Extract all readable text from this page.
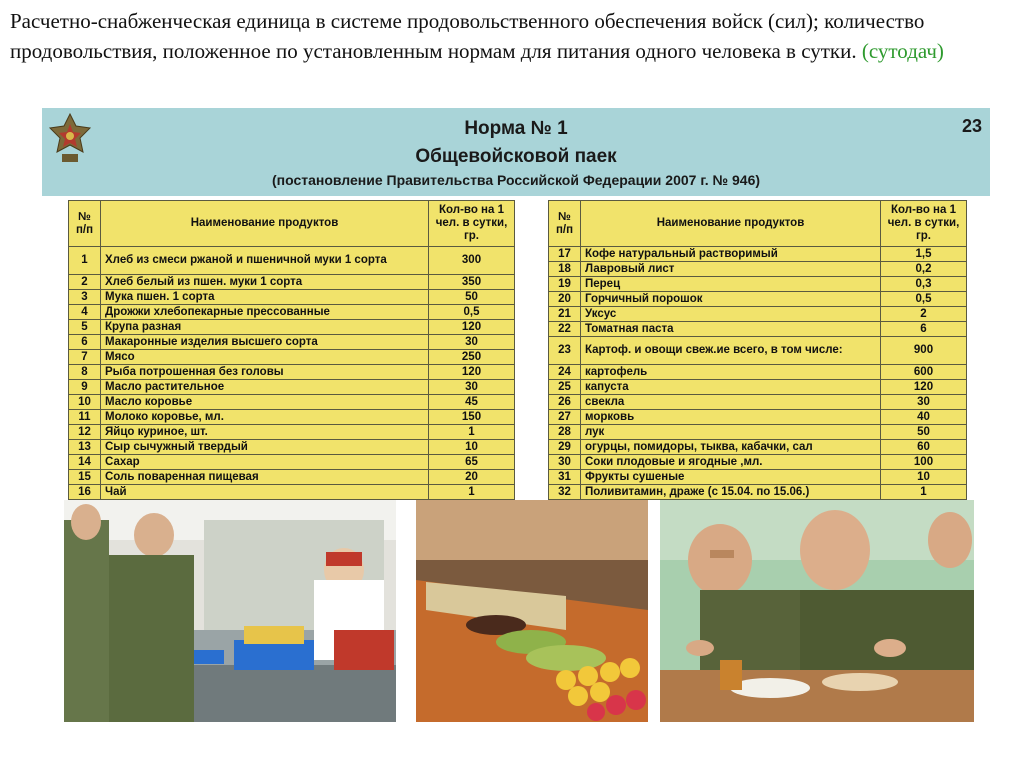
Расчетно-снабженческая единица в системе продовольственного обеспечения войск (сил); количество продовольствия, положенное по установленным нормам для питания одного человека в сутки. (сутодач)
Норма № 1
Общевойсковой паек
(постановление Правительства Российской Федерации 2007 г. № 946)
23
№ п/п	Наименование продуктов	Кол-во на 1 чел. в сутки, гр.
1	Хлеб из смеси ржаной и пшеничной муки 1 сорта	300
2	Хлеб белый из пшен. муки 1 сорта	350
3	Мука пшен. 1 сорта	50
4	Дрожжи хлебопекарные прессованные	0,5
5	Крупа разная	120
6	Макаронные изделия высшего сорта	30
7	Мясо	250
8	Рыба потрошенная без головы	120
9	Масло растительное	30
10	Масло коровье	45
11	Молоко коровье, мл.	150
12	Яйцо куриное, шт.	1
13	Сыр сычужный твердый	10
14	Сахар	65
15	Соль поваренная пищевая	20
16	Чай	1
№ п/п	Наименование продуктов	Кол-во на 1 чел. в сутки, гр.
17	Кофе натуральный растворимый	1,5
18	Лавровый лист	0,2
19	Перец	0,3
20	Горчичный порошок	0,5
21	Уксус	2
22	Томатная паста	6
23	Картоф. и овощи свеж.ие всего, в том числе:	900
24	картофель	600
25	капуста	120
26	свекла	30
27	морковь	40
28	лук	50
29	огурцы, помидоры, тыква, кабачки, сал	60
30	Соки плодовые и ягодные ,мл.	100
31	Фрукты сушеные	10
32	Поливитамин, драже (с 15.04. по 15.06.)	1
